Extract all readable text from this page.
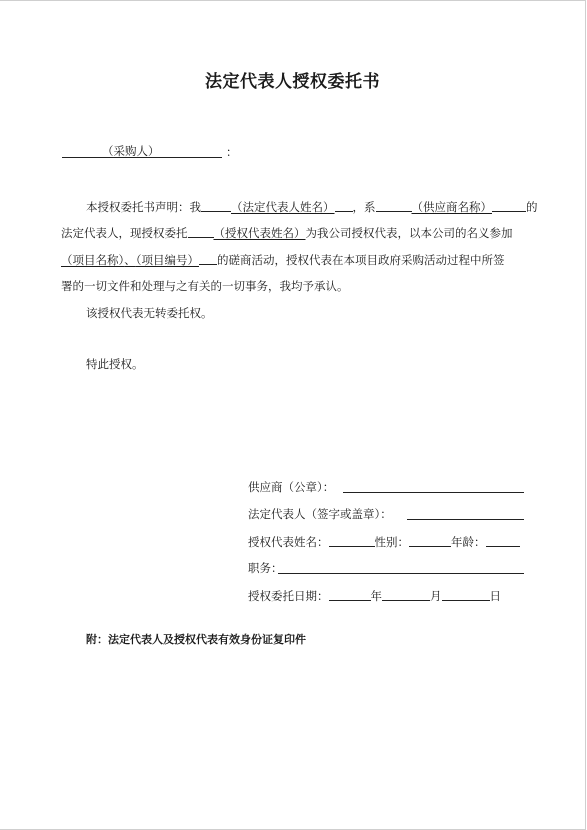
法定代表人授权委托书
（采购人）	：
本授权委托书声明：我	（法定代表人姓名） ，系	（供应商名称）	的
法定代表人，现授权委托 （授权代表姓名）为我公司授权代表，以本公司的名义参加
（项目名称）、（项目编号） 的磋商活动，授权代表在本项目政府采购活动过程中所签
署的一切文件和处理与之有关的一切事务，我均予承认。
该授权代表无转委托权。
特此授权。
供应商（公章）：
法定代表人（签字或盖章）：
授权代表姓名：	性别：	年龄：
职务：
授权委托日期：	年	月	日
附：法定代表人及授权代表有效身份证复印件
